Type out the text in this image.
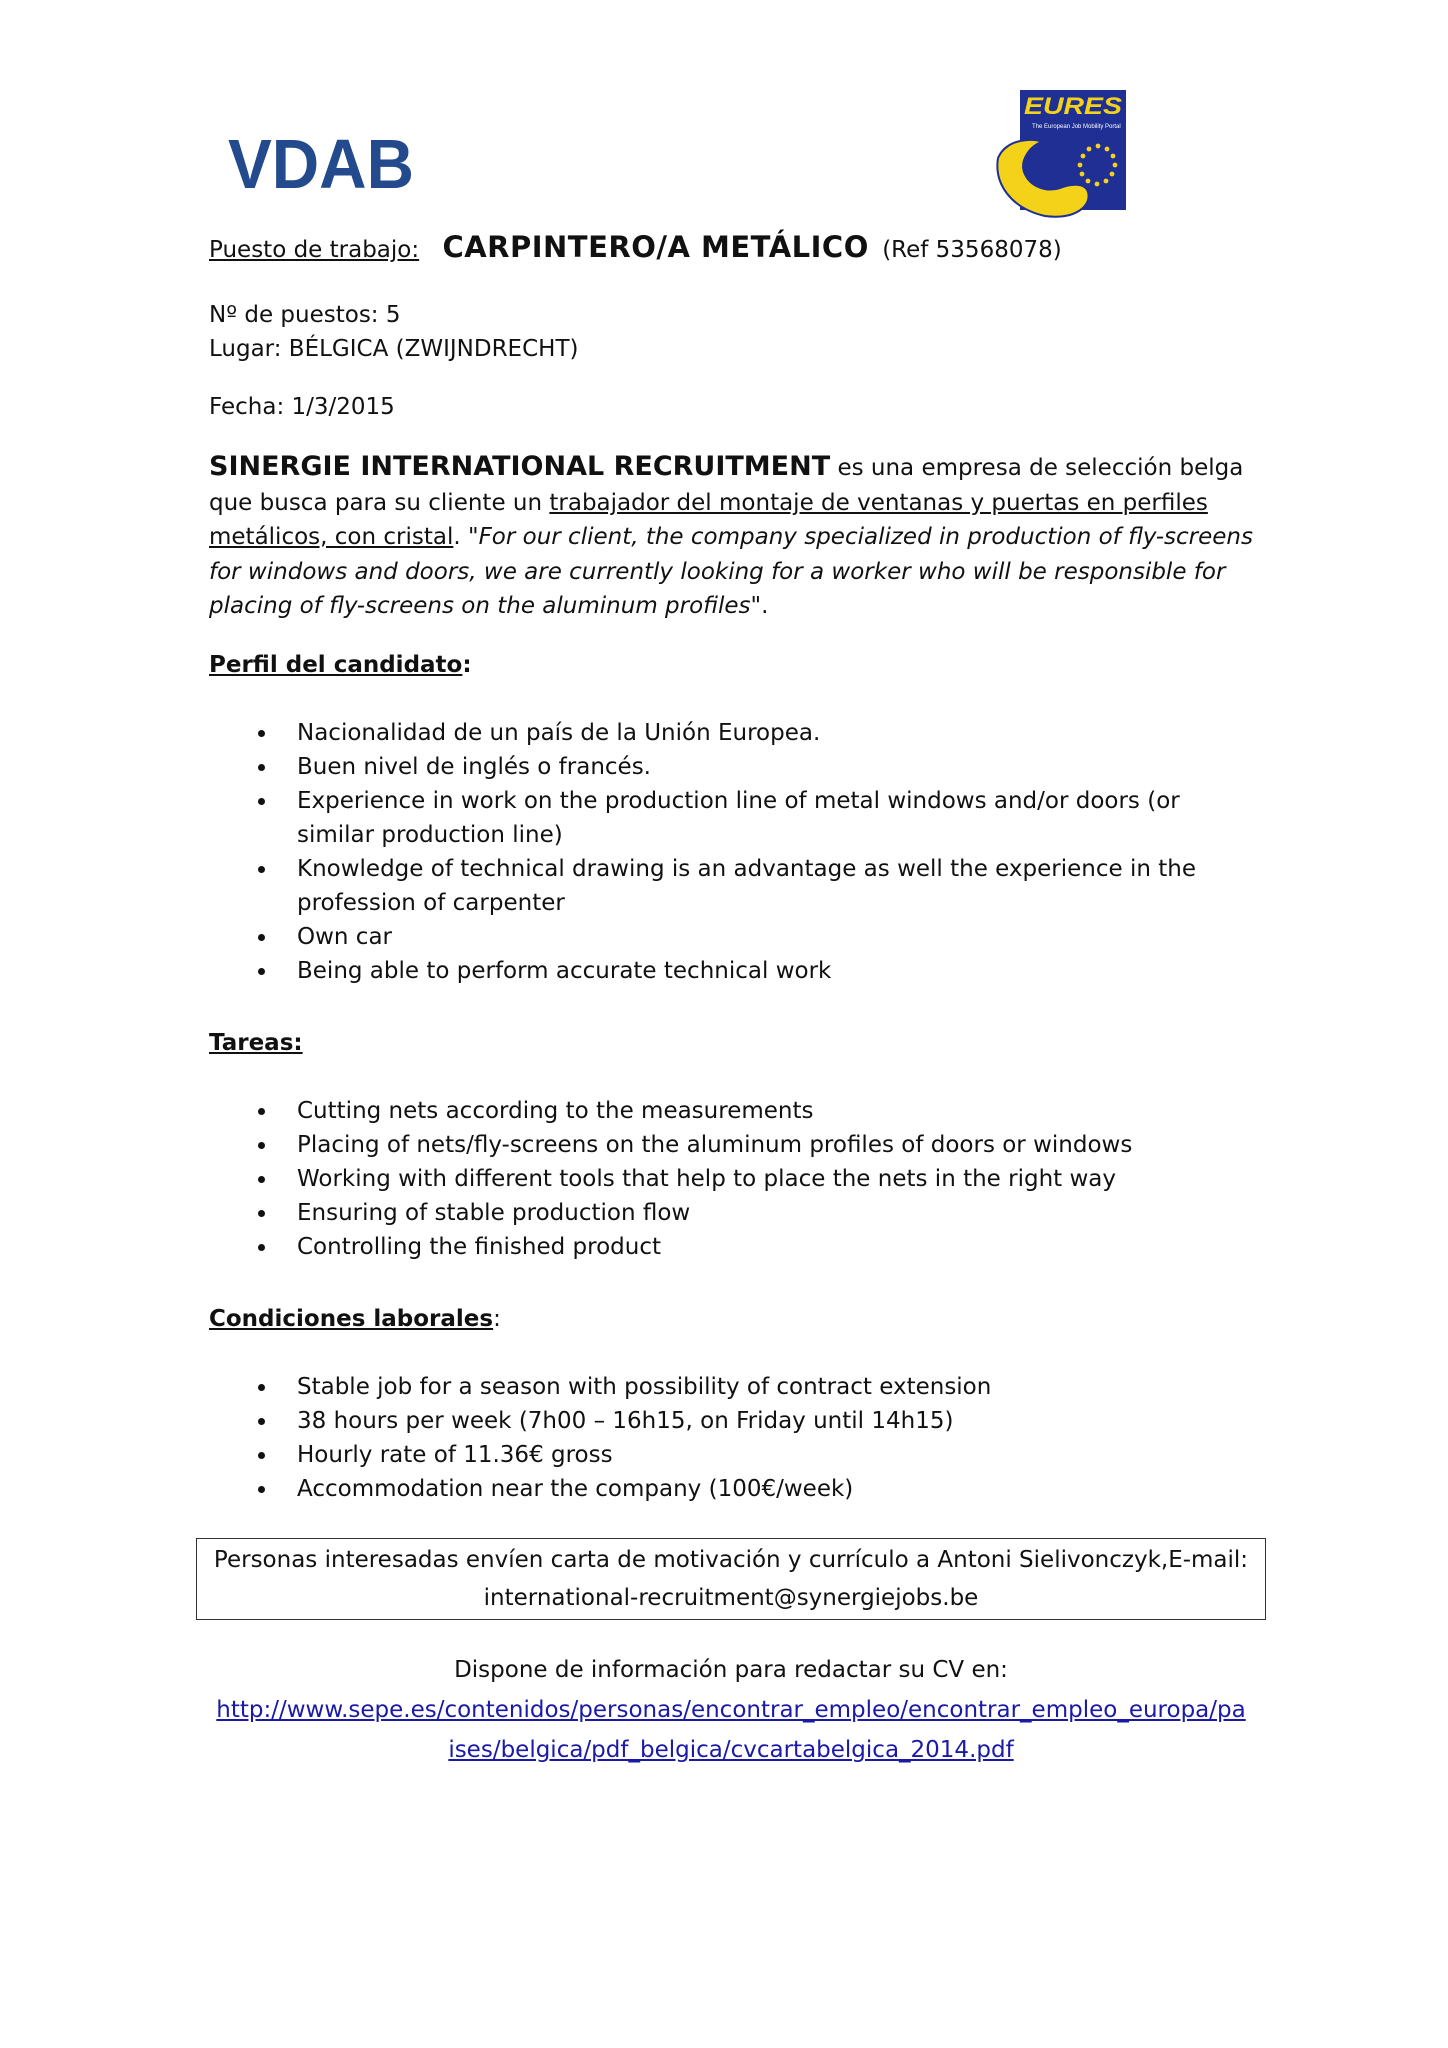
VDAB
EURES
The European Job Mobility Portal
Puesto de trabajo: CARPINTERO/A METÁLICO (Ref 53568078)
Nº de puestos: 5
Lugar: BÉLGICA (ZWIJNDRECHT)
Fecha: 1/3/2015
SINERGIE INTERNATIONAL RECRUITMENT es una empresa de selección belga que busca para su cliente un trabajador del montaje de ventanas y puertas en perfiles metálicos, con cristal. "For our client, the company specialized in production of fly-screens for windows and doors, we are currently looking for a worker who will be responsible for placing of fly-screens on the aluminum profiles".
Perfil del candidato:
Nacionalidad de un país de la Unión Europea.
Buen nivel de inglés o francés.
Experience in work on the production line of metal windows and/or doors (or similar production line)
Knowledge of technical drawing is an advantage as well the experience in the profession of carpenter
Own car
Being able to perform accurate technical work
Tareas:
Cutting nets according to the measurements
Placing of nets/fly-screens on the aluminum profiles of doors or windows
Working with different tools that help to place the nets in the right way
Ensuring of stable production flow
Controlling the finished product
Condiciones laborales:
Stable job for a season with possibility of contract extension
38 hours per week (7h00 – 16h15, on Friday until 14h15)
Hourly rate of 11.36€ gross
Accommodation near the company (100€/week)
Personas interesadas envíen carta de motivación y currículo a Antoni Sielivonczyk,E-mail:
international-recruitment@synergiejobs.be
Dispone de información para redactar su CV en:
http://www.sepe.es/contenidos/personas/encontrar_empleo/encontrar_empleo_europa/pa
ises/belgica/pdf_belgica/cvcartabelgica_2014.pdf
